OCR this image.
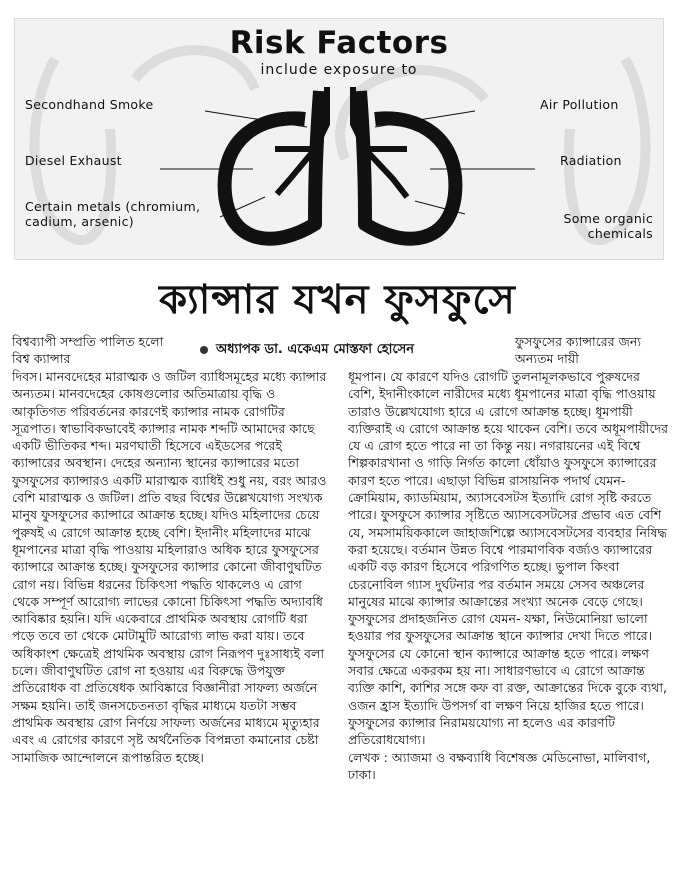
Risk Factors
include exposure to
Secondhand Smoke
Diesel Exhaust
Certain metals (chromium, cadium, arsenic)
Air Pollution
Radiation
Some organic chemicals
ক্যান্সার যখন ফুসফুসে
অধ্যাপক ডা. একেএম মোস্তফা হোসেন
বিশ্বব্যাপী সম্প্রতি পালিত হলো বিশ্ব ক্যান্সার
ফুসফুসের ক্যান্সারের জন্য অন্যতম দায়ী

দিবস। মানবদেহের মারাত্মক ও জটিল ব্যাধিসমূহের মধ্যে ক্যান্সার অন্যতম। মানবদেহের কোষগুলোর অতিমাত্রায় বৃদ্ধি ও আকৃতিগত পরিবর্তনের কারণেই ক্যান্সার নামক রোগটির সূত্রপাত। স্বাভাবিকভাবেই ক্যান্সার নামক শব্দটি আমাদের কাছে একটি ভীতিকর শব্দ। মরণঘাতী হিসেবে এইডসের পরেই ক্যান্সারের অবস্থান। দেহের অন্যান্য স্থানের ক্যান্সারের মতো ফুসফুসের ক্যান্সারও একটি মারাত্মক ব্যাধিই শুধু নয়, বরং আরও বেশি মারাত্মক ও জটিল। প্রতি বছর বিশ্বের উল্লেখযোগ্য সংখ্যক মানুষ ফুসফুসের ক্যান্সারে আক্রান্ত হচ্ছে। যদিও মহিলাদের চেয়ে পুরুষই এ রোগে আক্রান্ত হচ্ছে বেশি। ইদানীং মহিলাদের মাঝে ধূমপানের মাত্রা বৃদ্ধি পাওয়ায় মহিলারাও অধিক হারে ফুসফুসের ক্যান্সারে আক্রান্ত হচ্ছে। ফুসফুসের ক্যান্সার কোনো জীবাণুঘটিত রোগ নয়। বিভিন্ন ধরনের চিকিৎসা পদ্ধতি থাকলেও এ রোগ থেকে সম্পূর্ণ আরোগ্য লাভের কোনো চিকিৎসা পদ্ধতি অদ্যাবধি আবিষ্কার হয়নি। যদি একেবারে প্রাথমিক অবস্থায় রোগটি ধরা পড়ে তবে তা থেকে মোটামুটি আরোগ্য লাভ করা যায়। তবে অধিকাংশ ক্ষেত্রেই প্রাথমিক অবস্থায় রোগ নিরূপণ দুঃসাধ্যই বলা চলে। জীবাণুঘটিত রোগ না হওয়ায় এর বিরুদ্ধে উপযুক্ত প্রতিরোধক বা প্রতিষেধক আবিষ্কারে বিজ্ঞানীরা সাফল্য অর্জনে সক্ষম হয়নি। তাই জনসচেতনতা বৃদ্ধির মাধ্যমে যতটা সম্ভব প্রাথমিক অবস্থায় রোগ নির্ণয়ে সাফল্য অর্জনের মাধ্যমে মৃত্যুহার এবং এ রোগের কারণে সৃষ্ট অর্থনৈতিক বিপন্নতা কমানোর চেষ্টা সামাজিক আন্দোলনে রূপান্তরিত হচ্ছে।

ধূমপান। যে কারণে যদিও রোগটি তুলনামূলকভাবে পুরুষদের বেশি, ইদানীংকালে নারীদের মধ্যে ধূমপানের মাত্রা বৃদ্ধি পাওয়ায় তারাও উল্লেখযোগ্য হারে এ রোগে আক্রান্ত হচ্ছে। ধূমপায়ী ব্যক্তিরাই এ রোগে আক্রান্ত হয়ে থাকেন বেশি। তবে অধূমপায়ীদের যে এ রোগ হতে পারে না তা কিন্তু নয়। নগরায়নের এই বিশ্বে শিল্পকারখানা ও গাড়ি নির্গত কালো ধোঁয়াও ফুসফুসে ক্যান্সারের কারণ হতে পারে। এছাড়া বিভিন্ন রাসায়নিক পদার্থ যেমন-ক্রোমিয়াম, ক্যাডমিয়াম, অ্যাসবেসটস ইত্যাদি রোগ সৃষ্টি করতে পারে। ফুসফুসে ক্যান্সার সৃষ্টিতে অ্যাসবেসটসের প্রভাব এত বেশি যে, সমসাময়িককালে জাহাজশিল্পে অ্যাসবেসটসের ব্যবহার নিষিদ্ধ করা হয়েছে। বর্তমান উন্নত বিশ্বে পারমাণবিক বর্জ্যও ক্যান্সারের একটি বড় কারণ হিসেবে পরিগণিত হচ্ছে। ভুপাল কিংবা চেরনোবিল গ্যাস দুর্ঘটনার পর বর্তমান সময়ে সেসব অঞ্চলের মানুষের মাঝে ক্যান্সার আক্রান্তের সংখ্যা অনেক বেড়ে গেছে। ফুসফুসের প্রদাহজনিত রোগ যেমন- যক্ষা, নিউমোনিয়া ভালো হওয়ার পর ফুসফুসের আক্রান্ত স্থানে ক্যান্সার দেখা দিতে পারে। ফুসফুসের যে কোনো স্থান ক্যান্সারে আক্রান্ত হতে পারে। লক্ষণ সবার ক্ষেত্রে একরকম হয় না। সাধারণভাবে এ রোগে আক্রান্ত ব্যক্তি কাশি, কাশির সঙ্গে কফ বা রক্ত, আক্রান্তের দিকে বুকে ব্যথা, ওজন হ্রাস ইত্যাদি উপসর্গ বা লক্ষণ নিয়ে হাজির হতে পারে। ফুসফুসের ক্যান্সার নিরাময়যোগ্য না হলেও এর কারণটি প্রতিরোধযোগ্য।

লেখক : অ্যাজমা ও বক্ষব্যাধি বিশেষজ্ঞ মেডিনোভা, মালিবাগ, ঢাকা।
